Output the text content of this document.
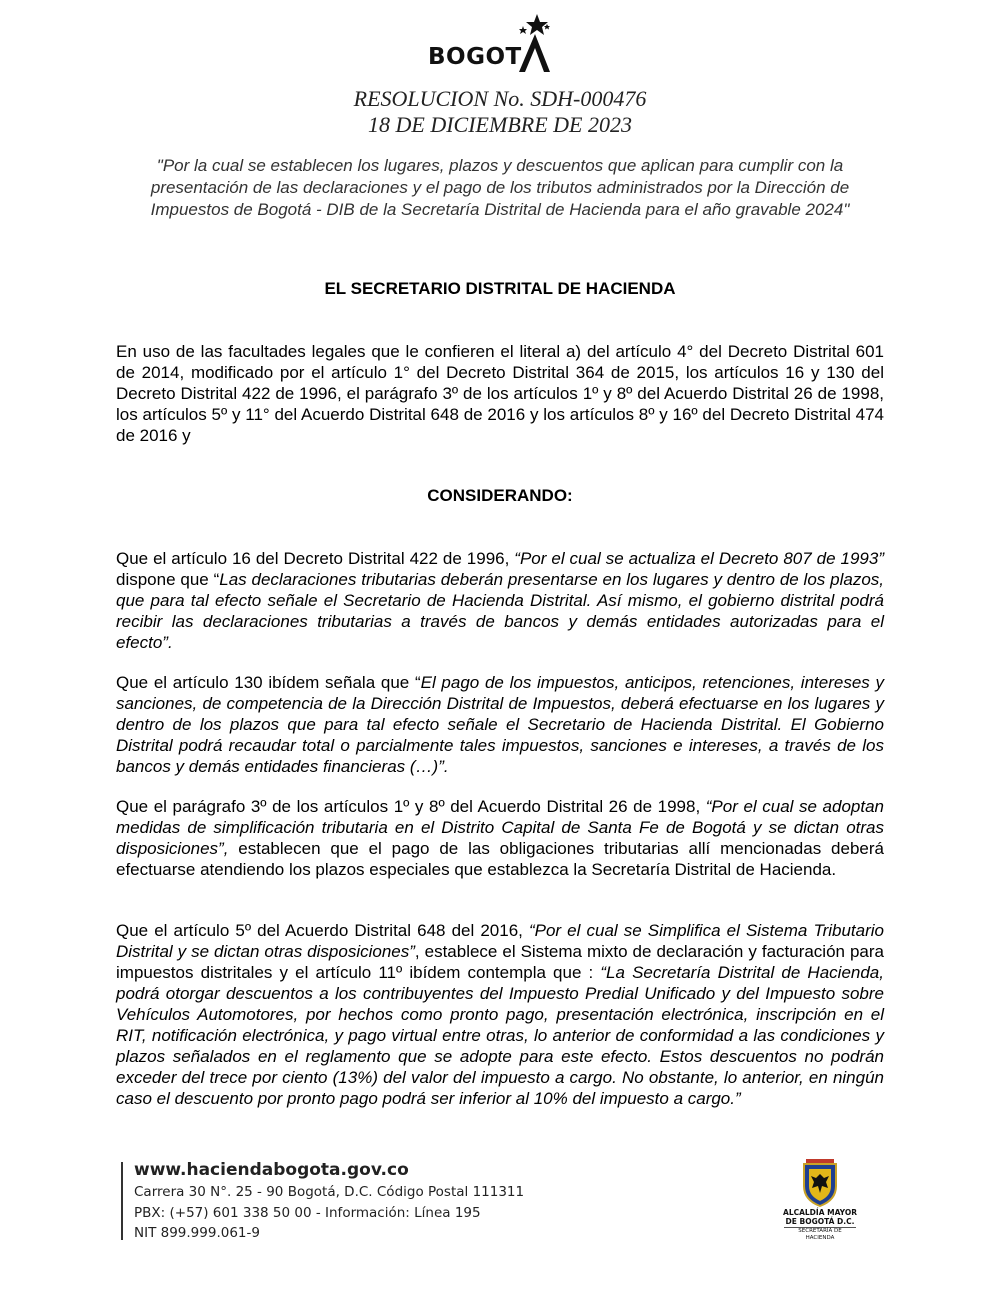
BOGOT
RESOLUCION No. SDH-000476
18 DE DICIEMBRE DE 2023
"Por la cual se establecen los lugares, plazos y descuentos que aplican para cumplir con la presentación de las declaraciones y el pago de los tributos administrados por la Dirección de Impuestos de Bogotá - DIB de la Secretaría Distrital de Hacienda para el año gravable 2024"
EL SECRETARIO DISTRITAL DE HACIENDA
En uso de las facultades legales que le confieren el literal a) del artículo 4° del Decreto Distrital 601 de 2014, modificado por el artículo 1° del Decreto Distrital 364 de 2015, los artículos 16 y 130 del Decreto Distrital 422 de 1996, el parágrafo 3º de los artículos 1º y 8º del Acuerdo Distrital 26 de 1998, los artículos 5º y 11° del Acuerdo Distrital 648 de 2016 y los artículos 8º y 16º del Decreto Distrital 474 de 2016 y
CONSIDERANDO:
Que el artículo 16 del Decreto Distrital 422 de 1996, “Por el cual se actualiza el Decreto 807 de 1993” dispone que “Las declaraciones tributarias deberán presentarse en los lugares y dentro de los plazos, que para tal efecto señale el Secretario de Hacienda Distrital. Así mismo, el gobierno distrital podrá recibir las declaraciones tributarias a través de bancos y demás entidades autorizadas para el efecto”.
Que el artículo 130 ibídem señala que “El pago de los impuestos, anticipos, retenciones, intereses y sanciones, de competencia de la Dirección Distrital de Impuestos, deberá efectuarse en los lugares y dentro de los plazos que para tal efecto señale el Secretario de Hacienda Distrital. El Gobierno Distrital podrá recaudar total o parcialmente tales impuestos, sanciones e intereses, a través de los bancos y demás entidades financieras (…)”.
Que el parágrafo 3º de los artículos 1º y 8º del Acuerdo Distrital 26 de 1998, “Por el cual se adoptan medidas de simplificación tributaria en el Distrito Capital de Santa Fe de Bogotá y se dictan otras disposiciones”, establecen que el pago de las obligaciones tributarias allí mencionadas deberá efectuarse atendiendo los plazos especiales que establezca la Secretaría Distrital de Hacienda.
Que el artículo 5º del Acuerdo Distrital 648 del 2016, “Por el cual se Simplifica el Sistema Tributario Distrital y se dictan otras disposiciones”, establece el Sistema mixto de declaración y facturación para impuestos distritales y el artículo 11º ibídem contempla que : “La Secretaría Distrital de Hacienda, podrá otorgar descuentos a los contribuyentes del Impuesto Predial Unificado y del Impuesto sobre Vehículos Automotores, por hechos como pronto pago, presentación electrónica, inscripción en el RIT, notificación electrónica, y pago virtual entre otras, lo anterior de conformidad a las condiciones y plazos señalados en el reglamento que se adopte para este efecto. Estos descuentos no podrán exceder del trece por ciento (13%) del valor del impuesto a cargo. No obstante, lo anterior, en ningún caso el descuento por pronto pago podrá ser inferior al 10% del impuesto a cargo.”
www.haciendabogota.gov.co
Carrera 30 N°. 25 - 90 Bogotá, D.C. Código Postal 111311
PBX: (+57) 601 338 50 00 - Información: Línea 195
NIT 899.999.061-9
ALCALDÍA MAYOR
DE BOGOTÁ D.C.
SECRETARÍA DE HACIENDA
